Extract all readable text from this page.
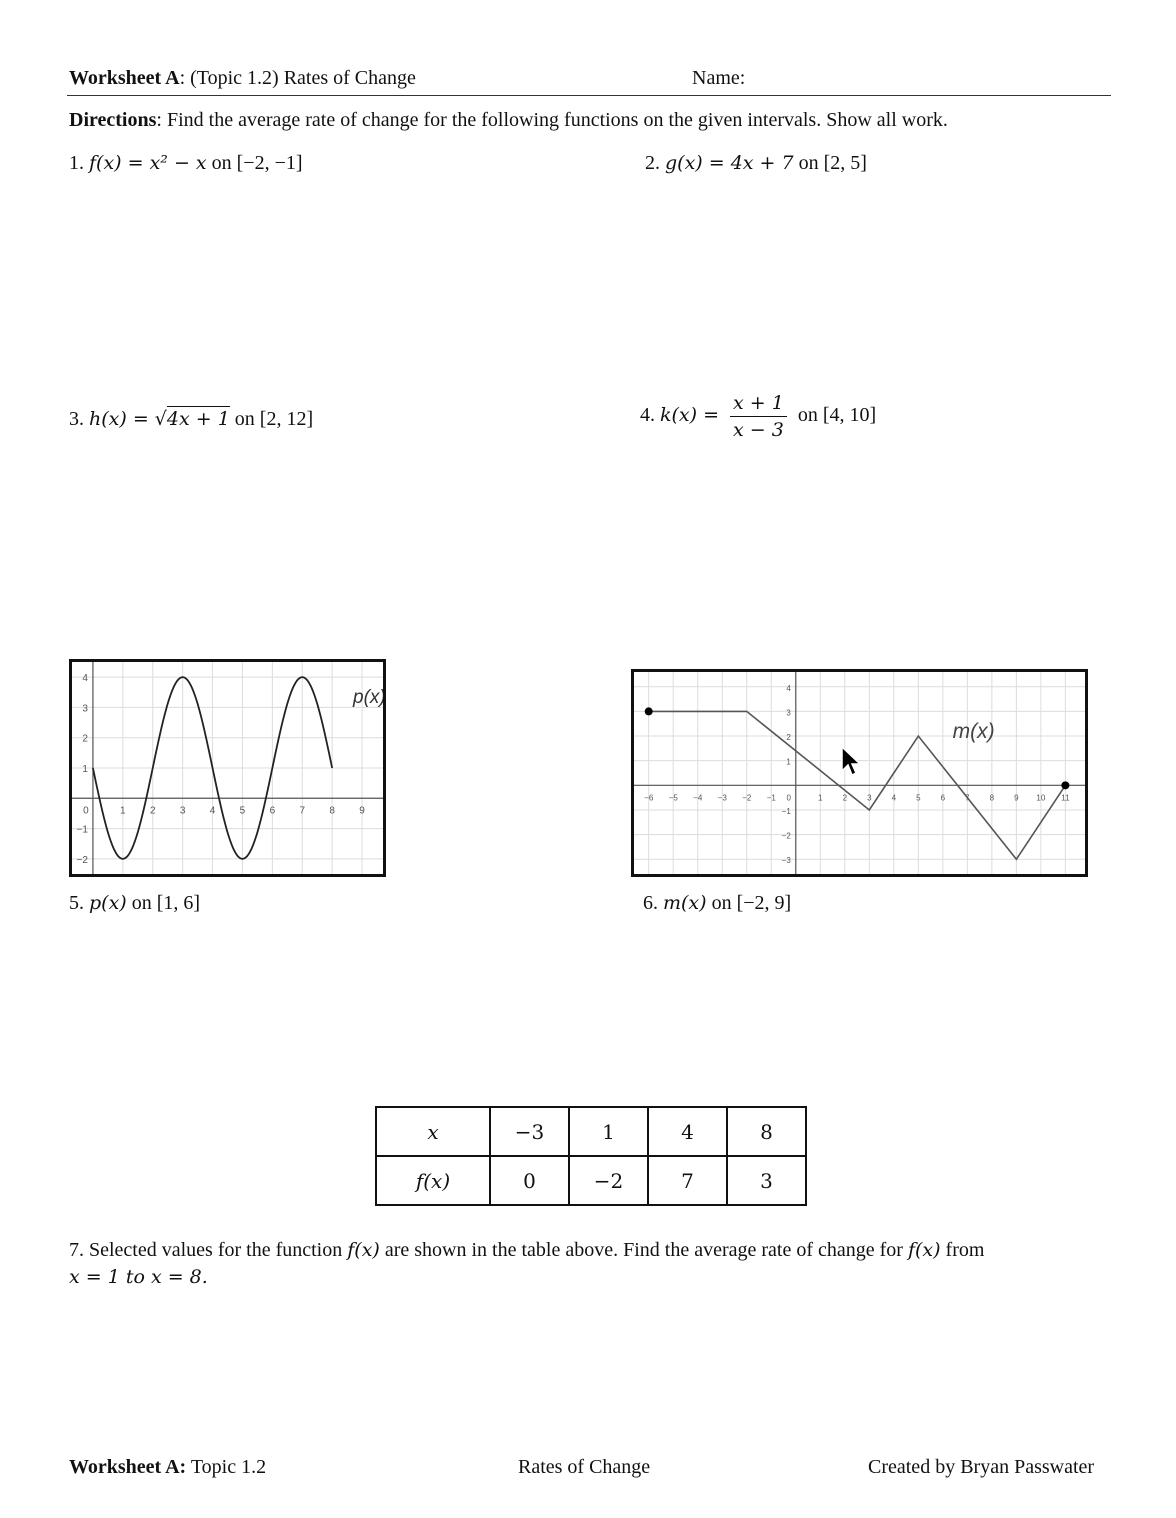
Worksheet A: (Topic 1.2) Rates of Change	Name:
Directions: Find the average rate of change for the following functions on the given intervals. Show all work.
1. f(x) = x² − x on [−2, −1]	2. g(x) = 4x + 7 on [2, 5]
3. h(x) = √4x + 1 on [2, 12]	4. $k(x) = \frac{x + 1}{x - 3}$ on [4, 10]
0	1 2 3 4 5 6 7 8 9
−2
−1
1
2
3
4
p(x)
−6 −5 −4 −3 −2 −1 0	1	2	3	4	5	6	7	8	9 10 11
−3
−2
−1
1
2
3
4
m(x)
5. p(x) on [1, 6]	6. m(x) on [−2, 9]
x	−3	1	4	8
f(x)	0	−2	7	3
7. Selected values for the function f(x) are shown in the table above. Find the average rate of change for f(x) from
x = 1 to x = 8.
Worksheet A: Topic 1.2	Rates of Change	Created by Bryan Passwater
